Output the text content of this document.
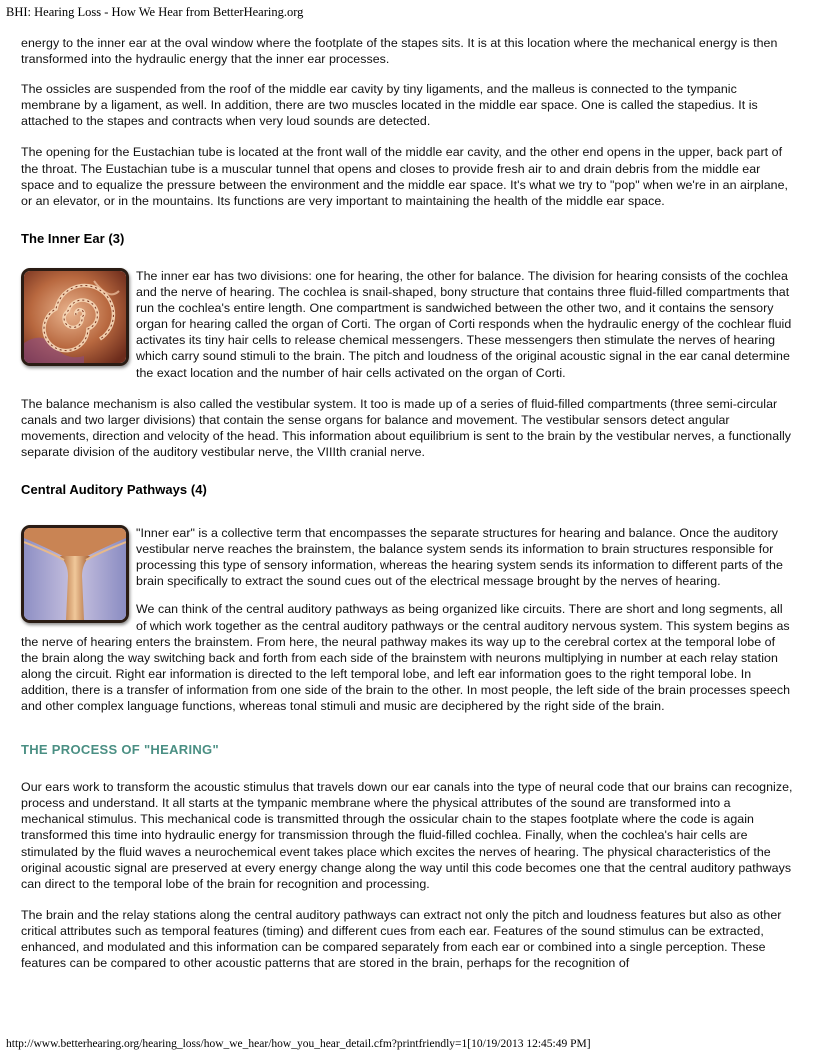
BHI: Hearing Loss - How We Hear from BetterHearing.org

energy to the inner ear at the oval window where the footplate of the stapes sits. It is at this location where the mechanical energy is then transformed into the hydraulic energy that the inner ear processes.

The ossicles are suspended from the roof of the middle ear cavity by tiny ligaments, and the malleus is connected to the tympanic membrane by a ligament, as well. In addition, there are two muscles located in the middle ear space. One is called the stapedius. It is attached to the stapes and contracts when very loud sounds are detected.

The opening for the Eustachian tube is located at the front wall of the middle ear cavity, and the other end opens in the upper, back part of the throat. The Eustachian tube is a muscular tunnel that opens and closes to provide fresh air to and drain debris from the middle ear space and to equalize the pressure between the environment and the middle ear space. It's what we try to "pop" when we're in an airplane, or an elevator, or in the mountains. Its functions are very important to maintaining the health of the middle ear space.

The Inner Ear (3)

The inner ear has two divisions: one for hearing, the other for balance. The division for hearing consists of the cochlea and the nerve of hearing. The cochlea is snail-shaped, bony structure that contains three fluid-filled compartments that run the cochlea's entire length. One compartment is sandwiched between the other two, and it contains the sensory organ for hearing called the organ of Corti. The organ of Corti responds when the hydraulic energy of the cochlear fluid activates its tiny hair cells to release chemical messengers. These messengers then stimulate the nerves of hearing which carry sound stimuli to the brain. The pitch and loudness of the original acoustic signal in the ear canal determine the exact location and the number of hair cells activated on the organ of Corti.

The balance mechanism is also called the vestibular system. It too is made up of a series of fluid-filled compartments (three semi-circular canals and two larger divisions) that contain the sense organs for balance and movement. The vestibular sensors detect angular movements, direction and velocity of the head. This information about equilibrium is sent to the brain by the vestibular nerves, a functionally separate division of the auditory vestibular nerve, the VIIIth cranial nerve.

Central Auditory Pathways (4)

"Inner ear" is a collective term that encompasses the separate structures for hearing and balance. Once the auditory vestibular nerve reaches the brainstem, the balance system sends its information to brain structures responsible for processing this type of sensory information, whereas the hearing system sends its information to different parts of the brain specifically to extract the sound cues out of the electrical message brought by the nerves of hearing.

We can think of the central auditory pathways as being organized like circuits. There are short and long segments, all of which work together as the central auditory pathways or the central auditory nervous system. This system begins as the nerve of hearing enters the brainstem. From here, the neural pathway makes its way up to the cerebral cortex at the temporal lobe of the brain along the way switching back and forth from each side of the brainstem with neurons multiplying in number at each relay station along the circuit. Right ear information is directed to the left temporal lobe, and left ear information goes to the right temporal lobe. In addition, there is a transfer of information from one side of the brain to the other. In most people, the left side of the brain processes speech and other complex language functions, whereas tonal stimuli and music are deciphered by the right side of the brain.

THE PROCESS OF "HEARING"

Our ears work to transform the acoustic stimulus that travels down our ear canals into the type of neural code that our brains can recognize, process and understand. It all starts at the tympanic membrane where the physical attributes of the sound are transformed into a mechanical stimulus. This mechanical code is transmitted through the ossicular chain to the stapes footplate where the code is again transformed this time into hydraulic energy for transmission through the fluid-filled cochlea. Finally, when the cochlea's hair cells are stimulated by the fluid waves a neurochemical event takes place which excites the nerves of hearing. The physical characteristics of the original acoustic signal are preserved at every energy change along the way until this code becomes one that the central auditory pathways can direct to the temporal lobe of the brain for recognition and processing.

The brain and the relay stations along the central auditory pathways can extract not only the pitch and loudness features but also as other critical attributes such as temporal features (timing) and different cues from each ear. Features of the sound stimulus can be extracted, enhanced, and modulated and this information can be compared separately from each ear or combined into a single perception. These features can be compared to other acoustic patterns that are stored in the brain, perhaps for the recognition of

http://www.betterhearing.org/hearing_loss/how_we_hear/how_you_hear_detail.cfm?printfriendly=1[10/19/2013 12:45:49 PM]
